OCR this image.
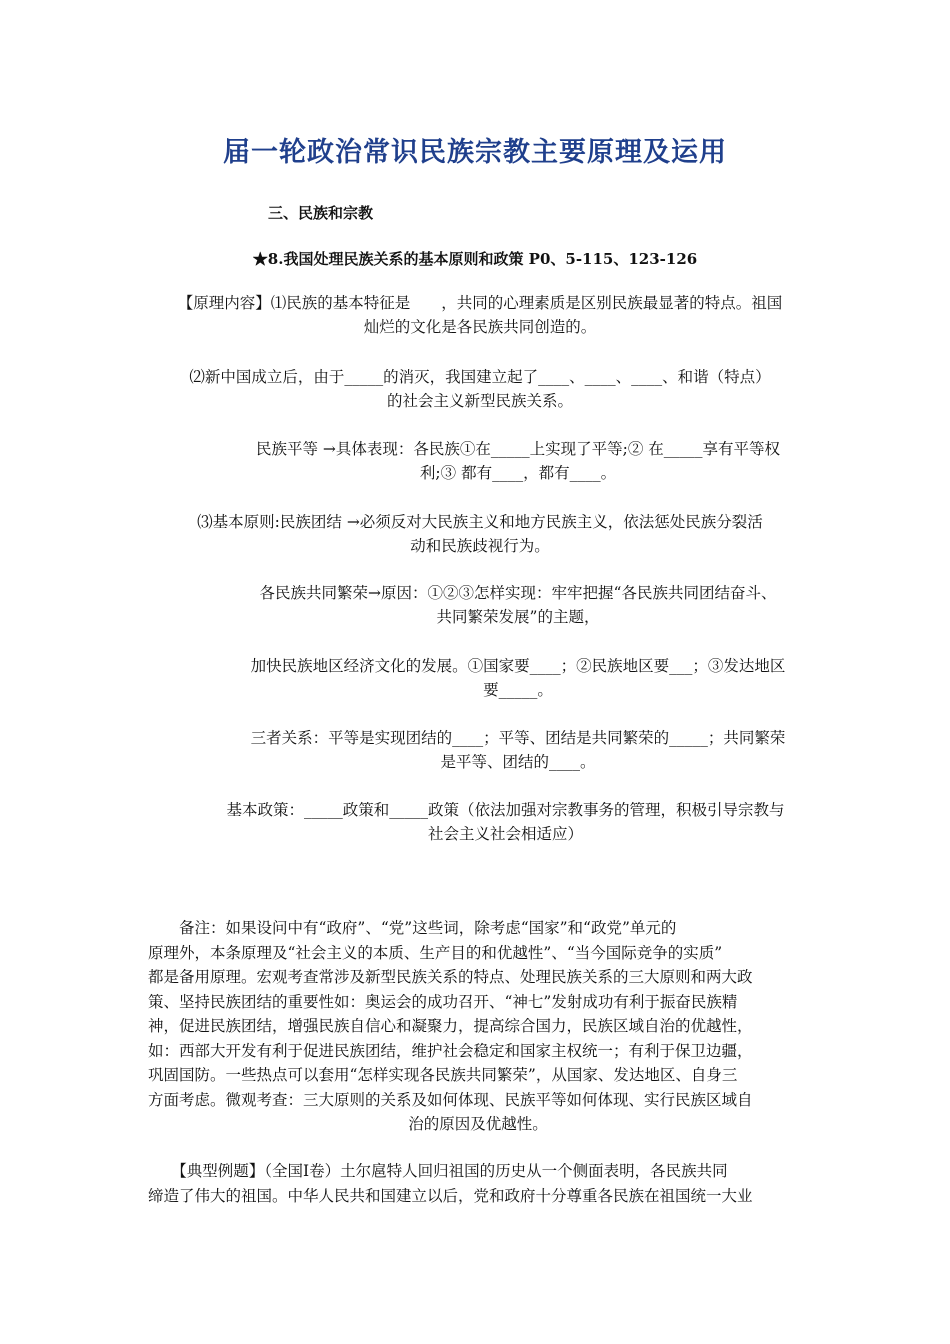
届一轮政治常识民族宗教主要原理及运用
三、民族和宗教
★8.我国处理民族关系的基本原则和政策 P0、5-115、123-126
【原理内容】⑴民族的基本特征是　　，共同的心理素质是区别民族最显著的特点。祖国
灿烂的文化是各民族共同创造的。
⑵新中国成立后，由于_____的消灭，我国建立起了____、____、____、和谐（特点）
的社会主义新型民族关系。
民族平等 →具体表现：各民族①在_____上实现了平等;② 在_____享有平等权
利;③ 都有____，都有____。
⑶基本原则:民族团结 →必须反对大民族主义和地方民族主义，依法惩处民族分裂活
动和民族歧视行为。
各民族共同繁荣→原因：①②③怎样实现：牢牢把握“各民族共同团结奋斗、
共同繁荣发展”的主题，
加快民族地区经济文化的发展。①国家要____；②民族地区要___；③发达地区
要_____。
三者关系：平等是实现团结的____；平等、团结是共同繁荣的_____；共同繁荣
是平等、团结的____。
基本政策：_____政策和_____政策（依法加强对宗教事务的管理，积极引导宗教与
社会主义社会相适应）

　　备注：如果设问中有“政府”、“党”这些词，除考虑“国家”和“政党”单元的

原理外，本条原理及“社会主义的本质、生产目的和优越性”、“当今国际竞争的实质”

都是备用原理。宏观考查常涉及新型民族关系的特点、处理民族关系的三大原则和两大政

策、坚持民族团结的重要性如：奥运会的成功召开、“神七”发射成功有利于振奋民族精

神，促进民族团结，增强民族自信心和凝聚力，提高综合国力，民族区域自治的优越性，

如：西部大开发有利于促进民族团结，维护社会稳定和国家主权统一；有利于保卫边疆，

巩固国防。一些热点可以套用“怎样实现各民族共同繁荣”，从国家、发达地区、自身三

方面考虑。微观考查：三大原则的关系及如何体现、民族平等如何体现、实行民族区域自

治的原因及优越性。

　　【典型例题】（全国Ⅰ卷）土尔扈特人回归祖国的历史从一个侧面表明，各民族共同

缔造了伟大的祖国。中华人民共和国建立以后，党和政府十分尊重各民族在祖国统一大业
